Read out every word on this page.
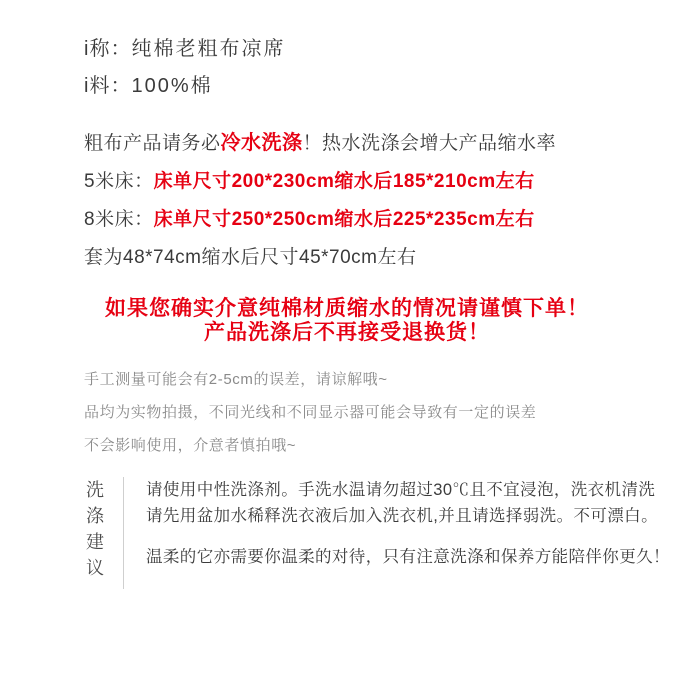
i称：纯棉老粗布凉席
i料：100%棉
粗布产品请务必冷水洗涤！热水洗涤会增大产品缩水率
5米床：床单尺寸200*230cm缩水后185*210cm左右
8米床：床单尺寸250*250cm缩水后225*235cm左右
套为48*74cm缩水后尺寸45*70cm左右
如果您确实介意纯棉材质缩水的情况请谨慎下单！
产品洗涤后不再接受退换货！
手工测量可能会有2-5cm的误差，请谅解哦~
品均为实物拍摄，不同光线和不同显示器可能会导致有一定的误差
不会影响使用，介意者慎拍哦~
洗涤建议

请使用中性洗涤剂。手洗水温请勿超过30℃且不宜浸泡，洗衣机清洗请先用盆加水稀释洗衣液后加入洗衣机,并且请选择弱洗。不可漂白。

温柔的它亦需要你温柔的对待，只有注意洗涤和保养方能陪伴你更久！
